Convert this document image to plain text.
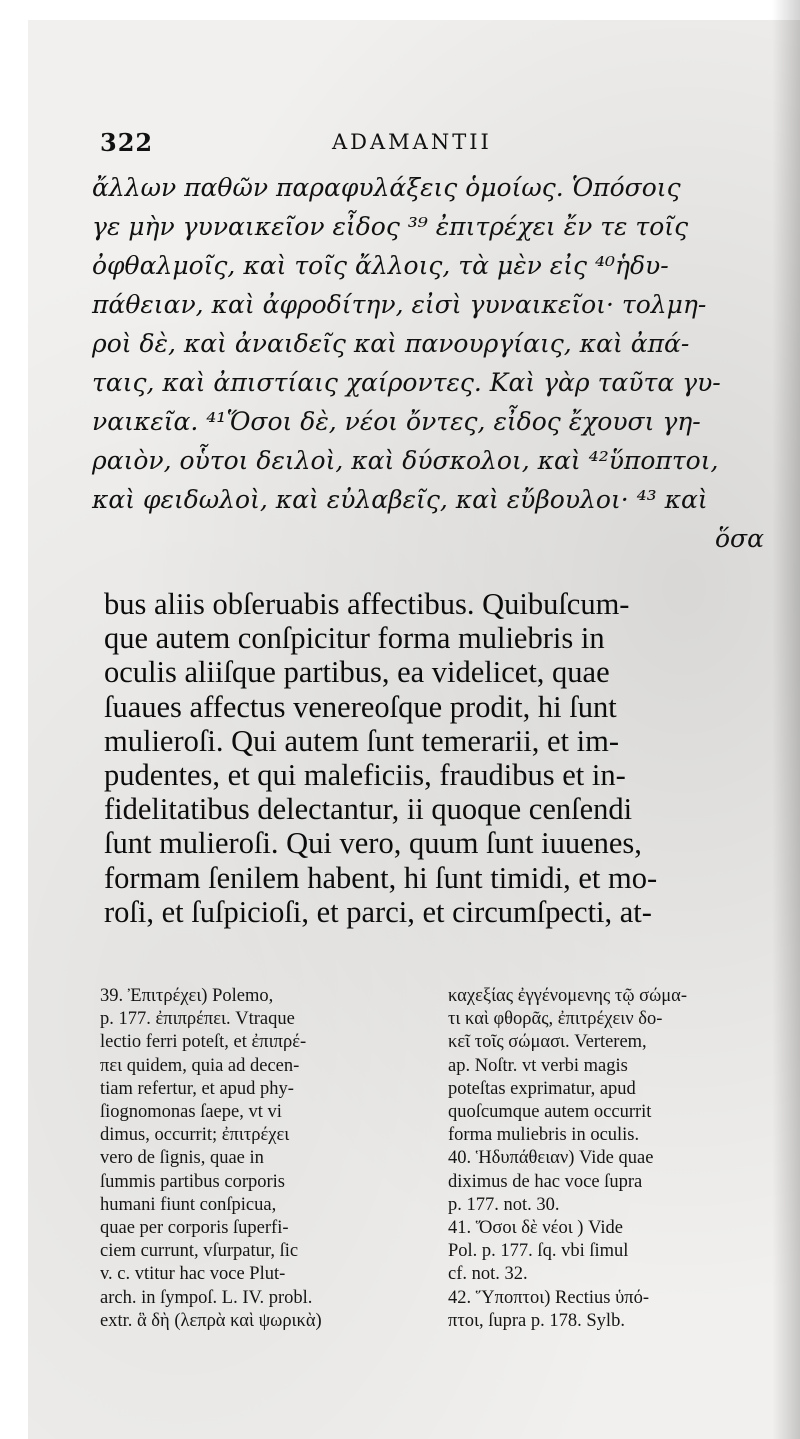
322	ADAMANTII
ἄλλων παθῶν παραφυλάξεις ὁμοίως. Ὁπόσοις
γε μὴν γυναικεῖον εἶδος ³⁹ ἐπιτρέχει ἔν τε τοῖς
ὀφθαλμοῖς, καὶ τοῖς ἄλλοις, τὰ μὲν εἰς ⁴⁰ἡδυ-
πάθειαν, καὶ ἀφροδίτην, εἰσὶ γυναικεῖοι· τολμη-
ροὶ δὲ, καὶ ἀναιδεῖς καὶ πανουργίαις, καὶ ἀπά-
ταις, καὶ ἀπιστίαις χαίροντες. Καὶ γὰρ ταῦτα γυ-
ναικεῖα. ⁴¹Ὅσοι δὲ, νέοι ὄντες, εἶδος ἔχουσι γη-
ραιὸν, οὗτοι δειλοὶ, καὶ δύσκολοι, καὶ ⁴²ὕποπτοι,
καὶ φειδωλοὶ, καὶ εὐλαβεῖς, καὶ εὔβουλοι· ⁴³ καὶ
ὅσα
bus aliis obſeruabis affectibus. Quibuſcum-
que autem conſpicitur forma muliebris in
oculis aliiſque partibus, ea videlicet, quae
ſuaues affectus venereoſque prodit, hi ſunt
mulieroſi. Qui autem ſunt temerarii, et im-
pudentes, et qui maleficiis, fraudibus et in-
fidelitatibus delectantur, ii quoque cenſendi
ſunt mulieroſi. Qui vero, quum ſunt iuuenes,
formam ſenilem habent, hi ſunt timidi, et mo-
roſi, et ſuſpicioſi, et parci, et circumſpecti, at-
39. Ἐπιτρέχει) Polemo,
p. 177. ἐπιπρέπει. Vtraque
lectio ferri poteſt, et ἐπιπρέ-
πει quidem, quia ad decen-
tiam refertur, et apud phy-
ſiognomonas ſaepe, vt vi
dimus, occurrit; ἐπιτρέχει
vero de ſignis, quae in
ſummis partibus corporis
humani fiunt conſpicua,
quae per corporis ſuperfi-
ciem currunt, vſurpatur, ſic
v. c. vtitur hac voce Plut-
arch. in ſympoſ. L. IV. probl.
extr. ἃ δὴ (λεπρὰ καὶ ψωρικὰ)
καχεξίας ἐγγένομενης τῷ σώμα-
τι καὶ φθορᾶς, ἐπιτρέχειν δο-
κεῖ τοῖς σώμασι. Verterem,
ap. Noſtr. vt verbi magis
poteſtas exprimatur, apud
quoſcumque autem occurrit
forma muliebris in oculis.
40. Ἡδυπάθειαν) Vide quae
diximus de hac voce ſupra
p. 177. not. 30.
41. Ὅσοι δὲ νέοι ) Vide
Pol. p. 177. ſq. vbi ſimul
cf. not. 32.
42. Ὕποπτοι) Rectius ὑπό-
πτοι, ſupra p. 178. Sylb.
